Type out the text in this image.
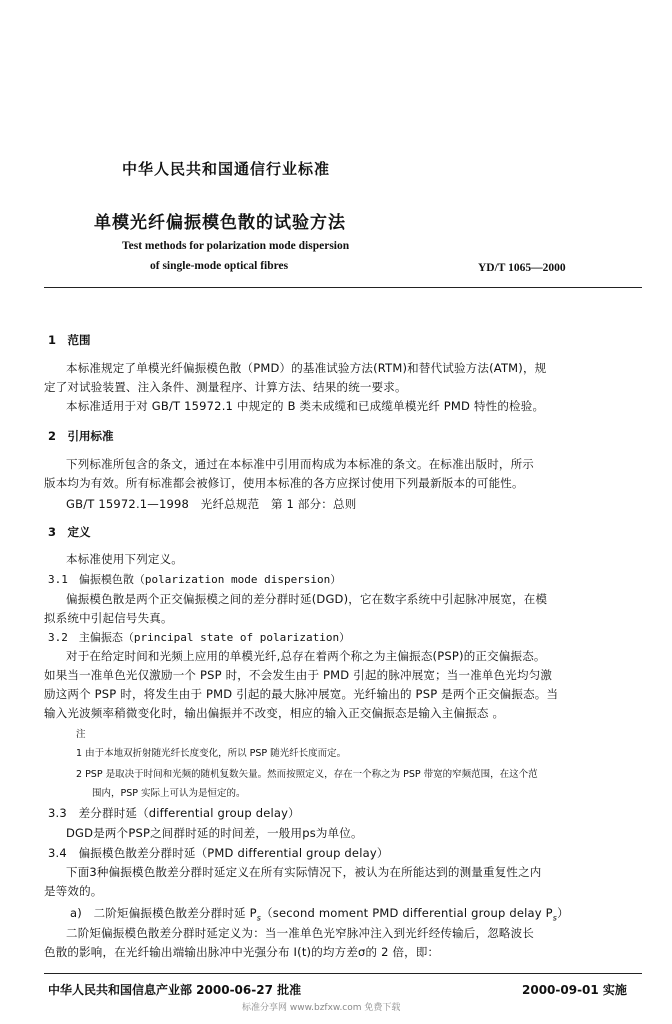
中华人民共和国通信行业标准
单模光纤偏振模色散的试验方法
Test methods for polarization mode dispersion
of single-mode optical fibres	YD/T 1065—2000
1　范围
本标准规定了单模光纤偏振模色散（PMD）的基准试验方法(RTM)和替代试验方法(ATM)，规
定了对试验装置、注入条件、测量程序、计算方法、结果的统一要求。
本标准适用于对 GB/T 15972.1 中规定的 B 类未成缆和已成缆单模光纤 PMD 特性的检验。
2　引用标准
下列标准所包含的条文，通过在本标准中引用而构成为本标准的条文。在标准出版时，所示
版本均为有效。所有标准都会被修订，使用本标准的各方应探讨使用下列最新版本的可能性。
GB/T 15972.1—1998　光纤总规范　第 1 部分：总则
3　定义
本标准使用下列定义。
3.1　偏振模色散（polarization mode dispersion）
偏振模色散是两个正交偏振模之间的差分群时延(DGD)，它在数字系统中引起脉冲展宽，在模
拟系统中引起信号失真。
3.2　主偏振态（principal state of polarization）
对于在给定时间和光频上应用的单模光纤,总存在着两个称之为主偏振态(PSP)的正交偏振态。
如果当一准单色光仅激励一个 PSP 时，不会发生由于 PMD 引起的脉冲展宽；当一准单色光均匀激
励这两个 PSP 时，将发生由于 PMD 引起的最大脉冲展宽。光纤输出的 PSP 是两个正交偏振态。当
输入光波频率稍微变化时，输出偏振并不改变，相应的输入正交偏振态是输入主偏振态 。
注
1 由于本地双折射随光纤长度变化，所以 PSP 随光纤长度而定。
2 PSP 是取决于时间和光频的随机复数矢量。然而按照定义，存在一个称之为 PSP 带宽的窄频范围，在这个范
围内，PSP 实际上可认为是恒定的。
3.3　差分群时延（differential group delay）
DGD是两个PSP之间群时延的时间差，一般用ps为单位。
3.4　偏振模色散差分群时延（PMD differential group delay）
下面3种偏振模色散差分群时延定义在所有实际情况下，被认为在所能达到的测量重复性之内
是等效的。
a)　二阶矩偏振模色散差分群时延 $P_s(second$ moment PMD differential group delay $P_s$）
二阶矩偏振模色散差分群时延定义为：当一准单色光窄脉冲注入到光纤经传输后，忽略波长
色散的影响，在光纤输出端输出脉冲中光强分布 I(t)的均方差σ的 2 倍，即：
中华人民共和国信息产业部 2000-06-27 批准	2000-09-01 实施
标准分享网 www.bzfxw.com 免费下载
